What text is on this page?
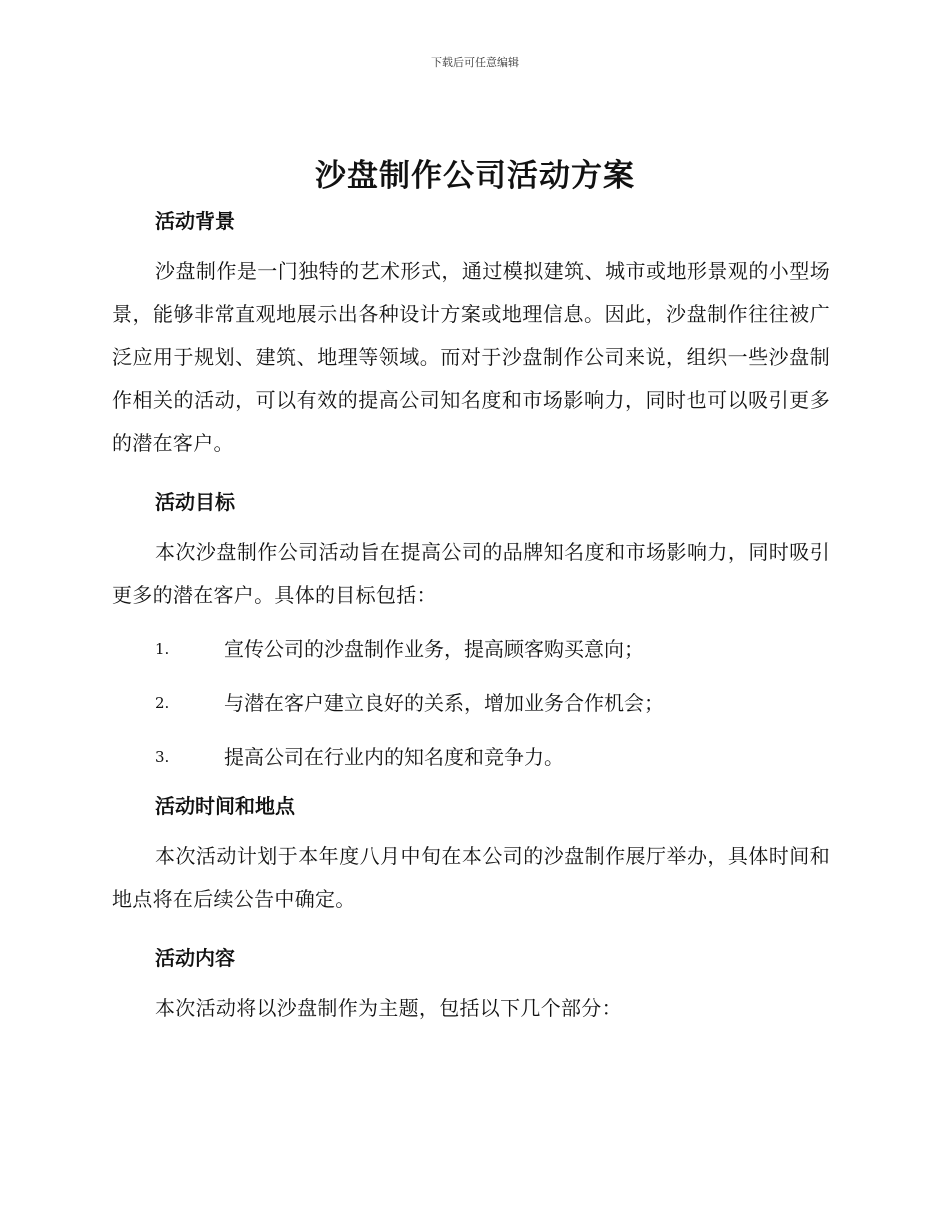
下载后可任意编辑
沙盘制作公司活动方案
活动背景

沙盘制作是一门独特的艺术形式，通过模拟建筑、城市或地形景观的小型场景，能够非常直观地展示出各种设计方案或地理信息。因此，沙盘制作往往被广泛应用于规划、建筑、地理等领域。而对于沙盘制作公司来说，组织一些沙盘制作相关的活动，可以有效的提高公司知名度和市场影响力，同时也可以吸引更多的潜在客户。

活动目标

本次沙盘制作公司活动旨在提高公司的品牌知名度和市场影响力，同时吸引更多的潜在客户。具体的目标包括：

1.	宣传公司的沙盘制作业务，提高顾客购买意向；
2.	与潜在客户建立良好的关系，增加业务合作机会；
3.	提高公司在行业内的知名度和竞争力。
活动时间和地点

本次活动计划于本年度八月中旬在本公司的沙盘制作展厅举办，具体时间和地点将在后续公告中确定。

活动内容

本次活动将以沙盘制作为主题，包括以下几个部分：
